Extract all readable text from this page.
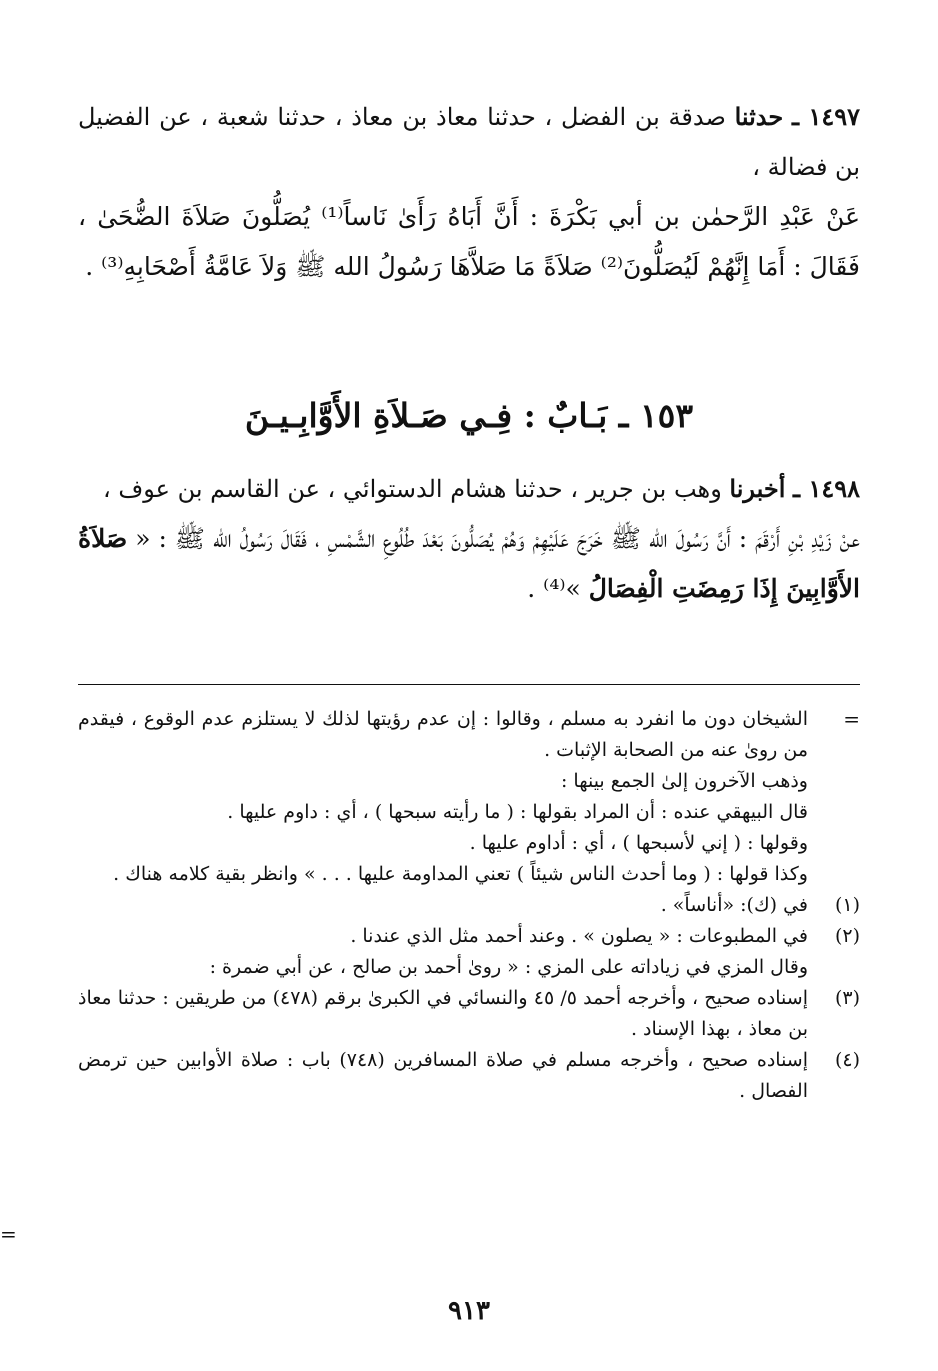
١٤٩٧ ـ حدثنا صدقة بن الفضل ، حدثنا معاذ بن معاذ ، حدثنا شعبة ، عن الفضيل بن فضالة ،

عَنْ عَبْدِ الرَّحمٰن بن أبي بَكْرَةَ : أَنَّ أَبَاهُ رَأَىٰ نَاساً⁽¹⁾ يُصَلُّونَ صَلاَةَ الضُّحَىٰ ، فَقَالَ : أَمَا إِنَّهُمْ لَيُصَلُّونَ⁽²⁾ صَلاَةً مَا صَلاَّهَا رَسُولُ الله ﷺ وَلاَ عَامَّةُ أَصْحَابِهِ⁽³⁾ .

١٥٣ ـ بَـابٌ : فِـي صَـلاَةِ الأَوَّابِـيـنَ

١٤٩٨ ـ أخبرنا وهب بن جرير ، حدثنا هشام الدستوائي ، عن القاسم بن عوف ،

عنْ زَيْدِ بْنِ أَرْقَمَ : أَنَّ رَسُولَ الله ﷺ خَرَجَ عَلَيْهِمْ وَهُمْ يُصَلُّونَ بَعْدَ طُلُوعِ الشَّمْسِ ، فَقَالَ رَسُولُ الله ﷺ : « صَلاَةُ الأَوَّابِينَ إِذَا رَمِضَتِ الْفِصَالُ »⁽⁴⁾ .

=
الشيخان دون ما انفرد به مسلم ، وقالوا : إن عدم رؤيتها لذلك لا يستلزم عدم الوقوع ، فيقدم من رویٰ عنه من الصحابة الإثبات .
وذهب الآخرون إلىٰ الجمع بينها :
قال البيهقي عنده : أن المراد بقولها : ( ما رأيته سبحها ) ، أي : داوم عليها .
وقولها : ( إني لأسبحها ) ، أي : أداوم عليها .
وكذا قولها : ( وما أحدث الناس شيئاً ) تعني المداومة عليها . . . » وانظر بقية كلامه هناك .
(١)
في (ك): «أناساً» .
(٢)
في المطبوعات : « يصلون » . وعند أحمد مثل الذي عندنا .
وقال المزي في زياداته على المزي : « روىٰ أحمد بن صالح ، عن أبي ضمرة :
(٣)
إسناده صحيح ، وأخرجه أحمد ٥/ ٤٥ والنسائي في الكبرىٰ برقم (٤٧٨) من طريقين : حدثنا معاذ بن معاذ ، بهذا الإسناد .
(٤)
إسناده صحيح ، وأخرجه مسلم في صلاة المسافرين (٧٤٨) باب : صلاة الأوابين حين ترمض الفصال .
=
٩١٣
